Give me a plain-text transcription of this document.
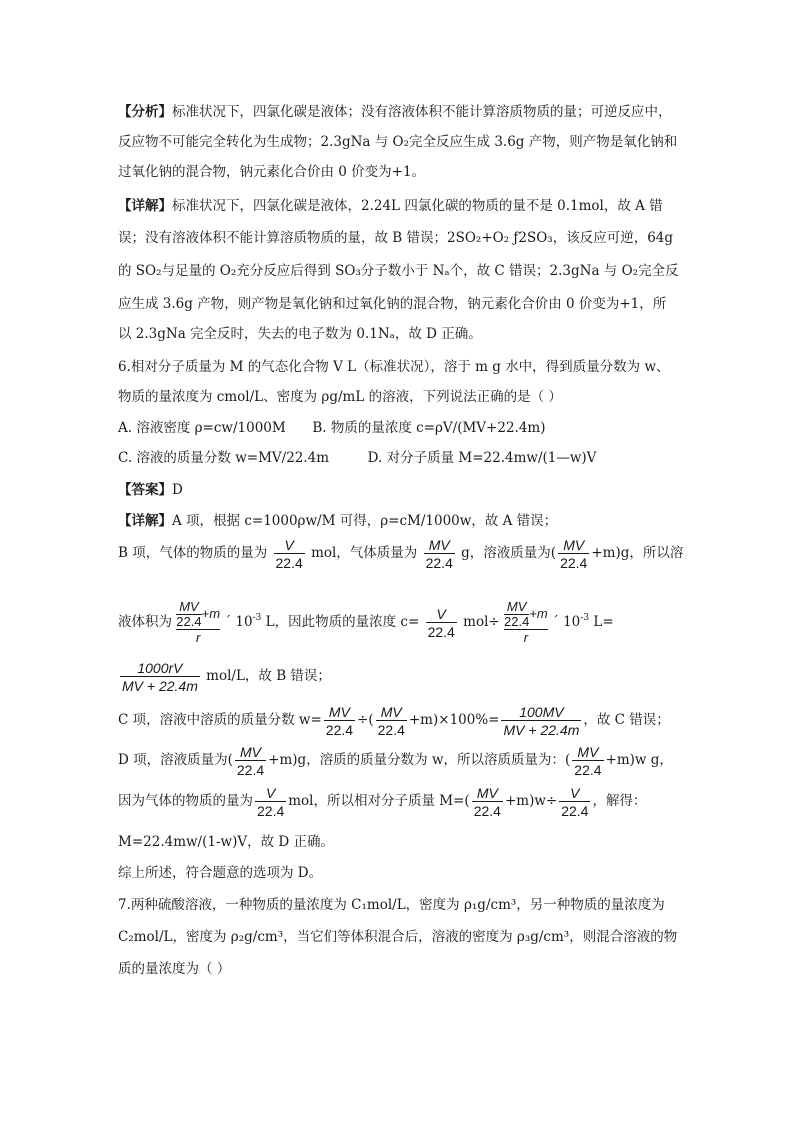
【分析】标准状况下，四氯化碳是液体；没有溶液体积不能计算溶质物质的量；可逆反应中，
反应物不可能完全转化为生成物；2.3gNa 与 O₂完全反应生成 3.6g 产物，则产物是氧化钠和
过氧化钠的混合物，钠元素化合价由 0 价变为+1。
【详解】标准状况下，四氯化碳是液体，2.24L 四氯化碳的物质的量不是 0.1mol，故 A 错
误；没有溶液体积不能计算溶质物质的量，故 B 错误；2SO₂+O₂ ƒ2SO₃，该反应可逆，64g
的 SO₂与足量的 O₂充分反应后得到 SO₃分子数小于 Nₐ个，故 C 错误；2.3gNa 与 O₂完全反
应生成 3.6g 产物，则产物是氧化钠和过氧化钠的混合物，钠元素化合价由 0 价变为+1，所
以 2.3gNa 完全反时，失去的电子数为 0.1Nₐ，故 D 正确。
6.相对分子质量为 M 的气态化合物 V L（标准状况），溶于 m g 水中，得到质量分数为 w、
物质的量浓度为 cmol/L、密度为 ρg/mL 的溶液，下列说法正确的是（ ）
A. 溶液密度 ρ=cw/1000M B. 物质的量浓度 c=ρV/(MV+22.4m)
C. 溶液的质量分数 w=MV/22.4m	D. 对分子质量 M=22.4mw/(1—w)V
【答案】D
【详解】A 项，根据 c=1000ρw/M 可得，ρ=cM/1000w，故 A 错误；
B 项，气体的物质的量为 $\frac{V}{22.4}$ mol，气体质量为 $\frac{MV}{22.4}$ g，溶液质量为( $\frac{MV}{22.4} +m)g$，所以溶
液体积为 $\frac{\frac{MV}{22.4} +m}{r}$ ´ $10^{-3}$ L，因此物质的量浓度 $c= \frac{V}{22.4} mol\div \frac{\frac{MV}{22.4} +m}{r}$ ´ $10^{-3}$ L=
$\frac{1000rV}{MV + 22.4m} mol/L$，故 B 错误；
C 项，溶液中溶质的质量分数 $w= \frac{MV}{22.4}$ ÷( $\frac{MV}{22.4} +m)\times 100\%= \frac{100MV}{MV + 22.4m}$ ，故 C 错误；
D 项，溶液质量为( $\frac{MV}{22.4} +m)g$，溶质的质量分数为 w，所以溶质质量为：( $\frac{MV}{22.4} +m)w$ g，
因为气体的物质的量为 $\frac{V}{22.4}$ mol，所以相对分子质量 $M=( \frac{MV}{22.4} +m)w\div \frac{V}{22.4}$ ，解得：
M=22.4mw/(1-w)V，故 D 正确。
综上所述，符合题意的选项为 D。
7.两种硫酸溶液，一种物质的量浓度为 C₁mol/L，密度为 ρ₁g/cm³，另一种物质的量浓度为
C₂mol/L，密度为 ρ₂g/cm³，当它们等体积混合后，溶液的密度为 ρ₃g/cm³，则混合溶液的物
质的量浓度为（ ）
